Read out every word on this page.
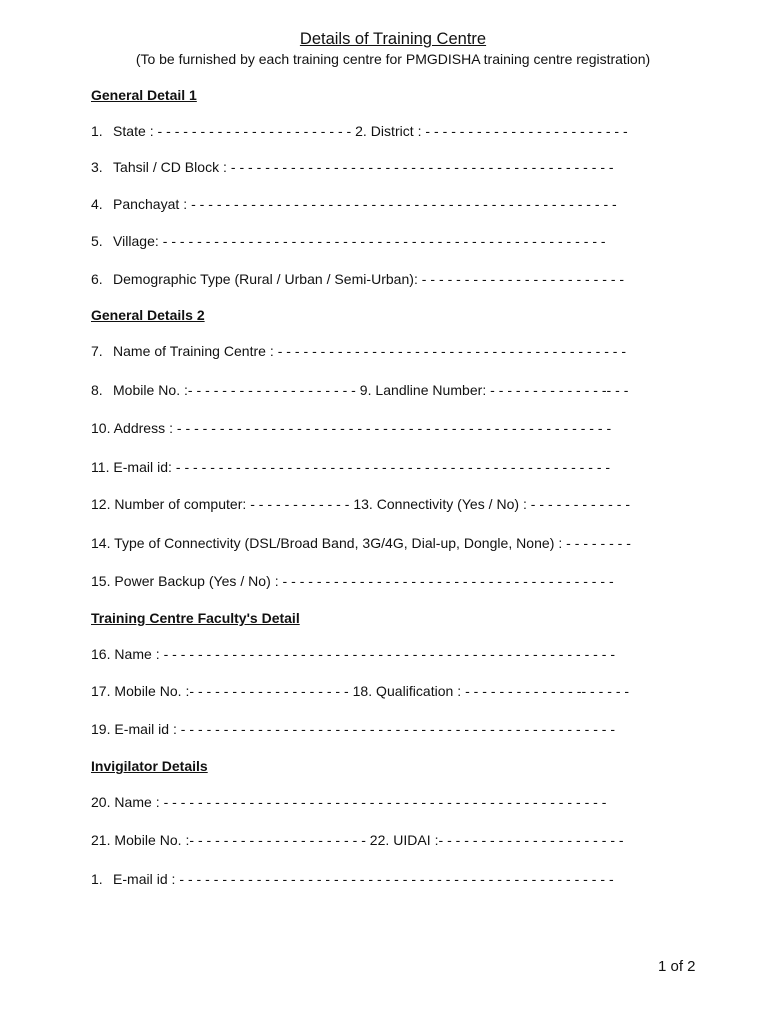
Details of Training Centre

(To be furnished by each training centre for PMGDISHA training centre registration)

General Detail 1
1. State : - - - - - - - - - - - - - - - - - - - - - - - 2. District : - - - - - - - - - - - - - - - - - - - - - - - -
3. Tahsil / CD Block : - - - - - - - - - - - - - - - - - - - - - - - - - - - - - - - - - - - - - - - - - - - - -
4. Panchayat : - - - - - - - - - - - - - - - - - - - - - - - - - - - - - - - - - - - - - - - - - - - - - - - - - -
5. Village: - - - - - - - - - - - - - - - - - - - - - - - - - - - - - - - - - - - - - - - - - - - - - - - - - - - -
6. Demographic Type (Rural / Urban / Semi-Urban): - - - - - - - - - - - - - - - - - - - - - - - -
General Details 2
7. Name of Training Centre : - - - - - - - - - - - - - - - - - - - - - - - - - - - - - - - - - - - - - - - - -
8. Mobile No. :- - - - - - - - - - - - - - - - - - - - 9. Landline Number: - - - - - - - - - - - - - -- - -
10. Address : - - - - - - - - - - - - - - - - - - - - - - - - - - - - - - - - - - - - - - - - - - - - - - - - - - -
11. E-mail id: - - - - - - - - - - - - - - - - - - - - - - - - - - - - - - - - - - - - - - - - - - - - - - - - - - -
12. Number of computer: - - - - - - - - - - - - 13. Connectivity (Yes / No) : - - - - - - - - - - - -
14. Type of Connectivity (DSL/Broad Band, 3G/4G, Dial-up, Dongle, None) : - - - - - - - -
15. Power Backup (Yes / No) : - - - - - - - - - - - - - - - - - - - - - - - - - - - - - - - - - - - - - - -
Training Centre Faculty's Detail
16. Name : - - - - - - - - - - - - - - - - - - - - - - - - - - - - - - - - - - - - - - - - - - - - - - - - - - - - -
17. Mobile No. :- - - - - - - - - - - - - - - - - - - 18. Qualification : - - - - - - - - - - - - - -- - - - - -
19. E-mail id : - - - - - - - - - - - - - - - - - - - - - - - - - - - - - - - - - - - - - - - - - - - - - - - - - - -
Invigilator Details
20. Name : - - - - - - - - - - - - - - - - - - - - - - - - - - - - - - - - - - - - - - - - - - - - - - - - - - - -
21. Mobile No. :- - - - - - - - - - - - - - - - - - - - - 22. UIDAI :- - - - - - - - - - - - - - - - - - - - - -
1. E-mail id : - - - - - - - - - - - - - - - - - - - - - - - - - - - - - - - - - - - - - - - - - - - - - - - - - - -
1 of 2
